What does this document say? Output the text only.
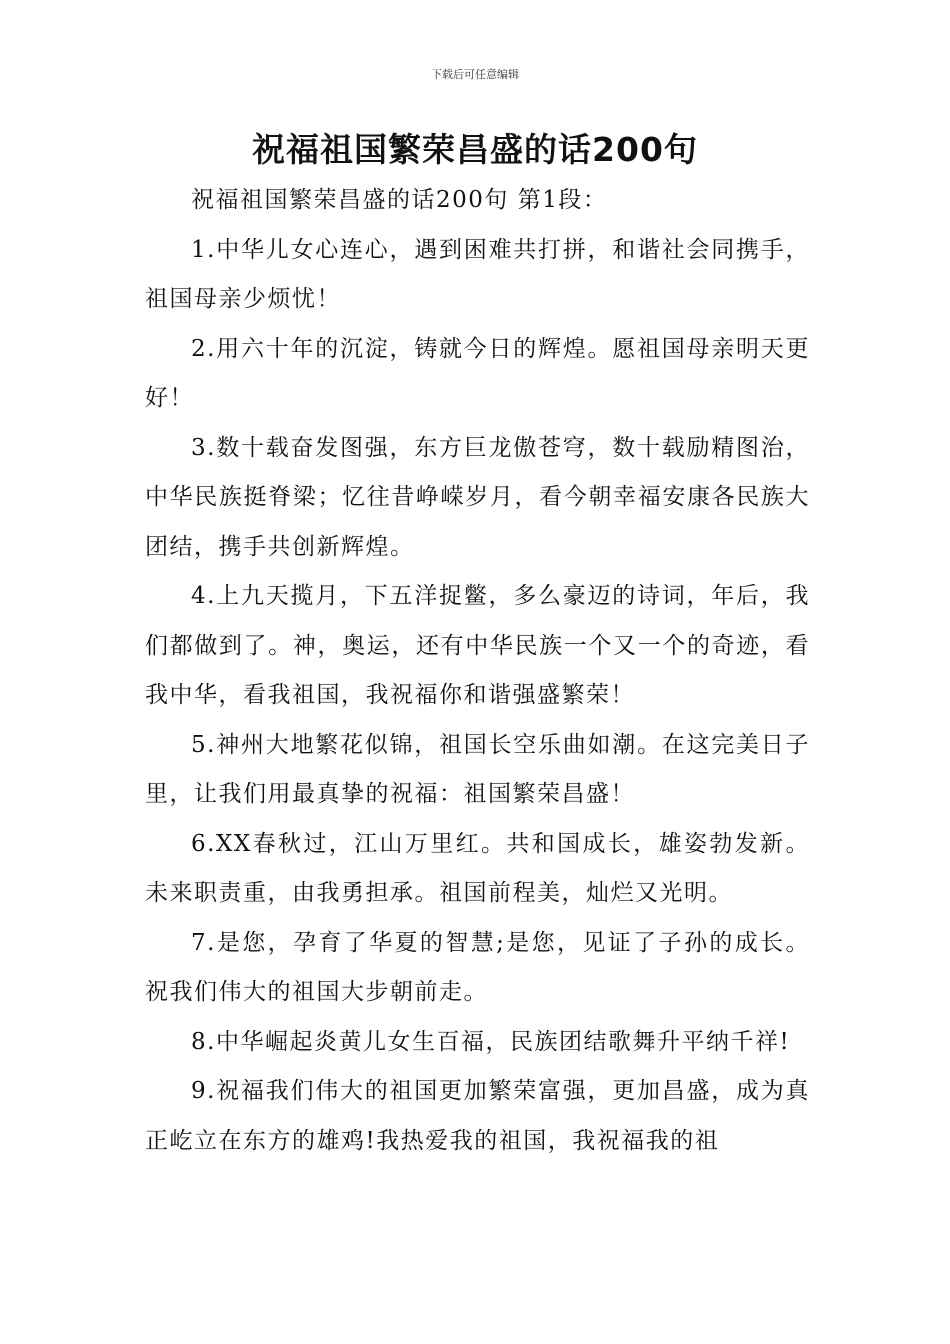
下载后可任意编辑
祝福祖国繁荣昌盛的话200句

祝福祖国繁荣昌盛的话200句 第1段：

1.中华儿女心连心，遇到困难共打拼，和谐社会同携手，祖国母亲少烦忧！

2.用六十年的沉淀，铸就今日的辉煌。愿祖国母亲明天更好！

3.数十载奋发图强，东方巨龙傲苍穹，数十载励精图治，中华民族挺脊梁；忆往昔峥嵘岁月，看今朝幸福安康各民族大团结，携手共创新辉煌。

4.上九天揽月，下五洋捉鳖，多么豪迈的诗词，年后，我们都做到了。神，奥运，还有中华民族一个又一个的奇迹，看我中华，看我祖国，我祝福你和谐强盛繁荣！

5.神州大地繁花似锦，祖国长空乐曲如潮。在这完美日子里，让我们用最真挚的祝福：祖国繁荣昌盛！

6.XX春秋过，江山万里红。共和国成长，雄姿勃发新。未来职责重，由我勇担承。祖国前程美，灿烂又光明。

7.是您，孕育了华夏的智慧;是您，见证了子孙的成长。祝我们伟大的祖国大步朝前走。

8.中华崛起炎黄儿女生百福，民族团结歌舞升平纳千祥!

9.祝福我们伟大的祖国更加繁荣富强，更加昌盛，成为真正屹立在东方的雄鸡!我热爱我的祖国，我祝福我的祖
